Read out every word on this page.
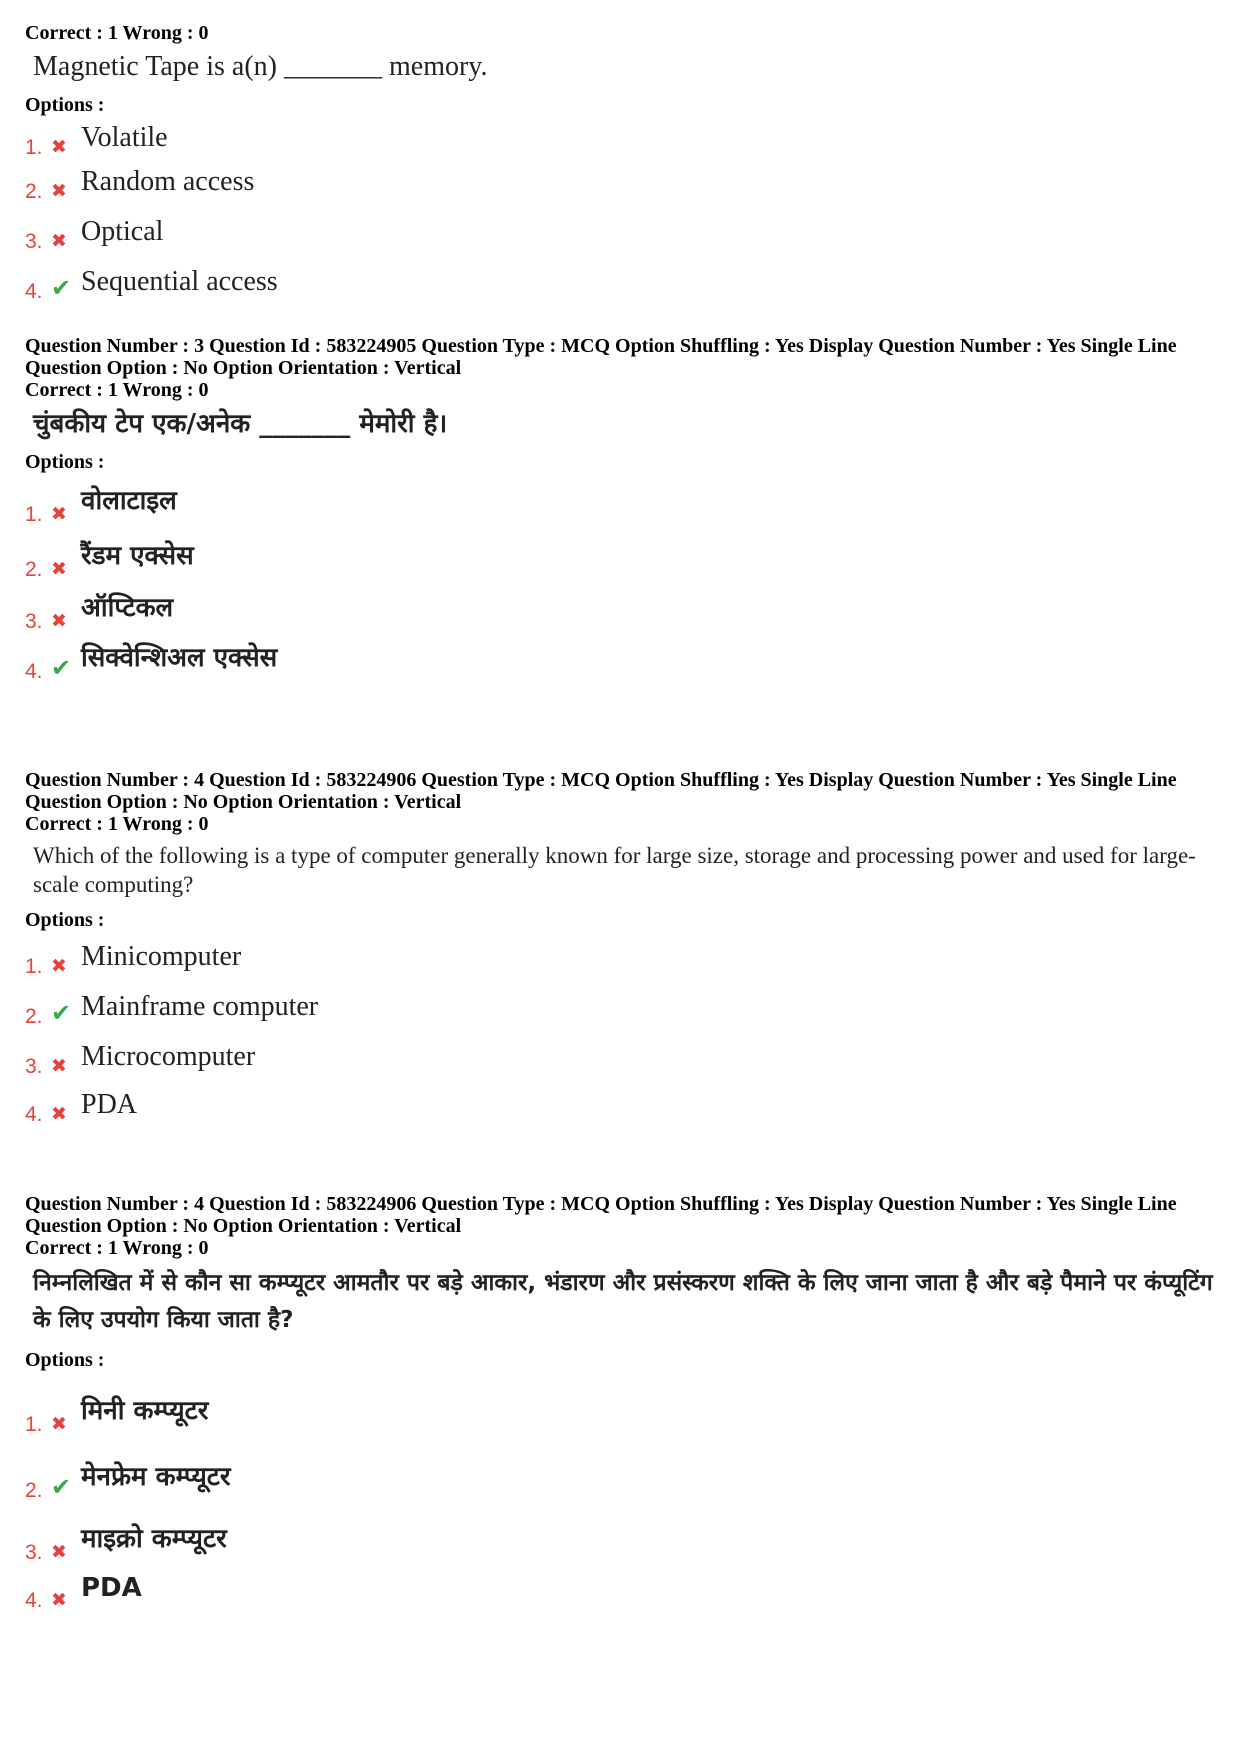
Correct : 1 Wrong : 0

Magnetic Tape is a(n) _______ memory.

Options :

1. ✖ Volatile
2. ✖ Random access
3. ✖ Optical
4. ✔ Sequential access

Question Number : 3 Question Id : 583224905 Question Type : MCQ Option Shuffling : Yes Display Question Number : Yes Single Line Question Option : No Option Orientation : Vertical

Correct : 1 Wrong : 0

चुंबकीय टेप एक/अनेक _______ मेमोरी है।

Options :

1. ✖ वोलाटाइल
2. ✖ रैंडम एक्सेस
3. ✖ ऑप्टिकल
4. ✔ सिक्वेन्शिअल एक्सेस

Question Number : 4 Question Id : 583224906 Question Type : MCQ Option Shuffling : Yes Display Question Number : Yes Single Line Question Option : No Option Orientation : Vertical

Correct : 1 Wrong : 0

Which of the following is a type of computer generally known for large size, storage and processing power and used for large-scale computing?

Options :

1. ✖ Minicomputer
2. ✔ Mainframe computer
3. ✖ Microcomputer
4. ✖ PDA

Question Number : 4 Question Id : 583224906 Question Type : MCQ Option Shuffling : Yes Display Question Number : Yes Single Line Question Option : No Option Orientation : Vertical

Correct : 1 Wrong : 0

निम्नलिखित में से कौन सा कम्प्यूटर आमतौर पर बड़े आकार, भंडारण और प्रसंस्करण शक्ति के लिए जाना जाता है और बड़े पैमाने पर कंप्यूटिंग के लिए उपयोग किया जाता है?

Options :

1. ✖ मिनी कम्प्यूटर
2. ✔ मेनफ्रेम कम्प्यूटर
3. ✖ माइक्रो कम्प्यूटर
4. ✖ PDA
